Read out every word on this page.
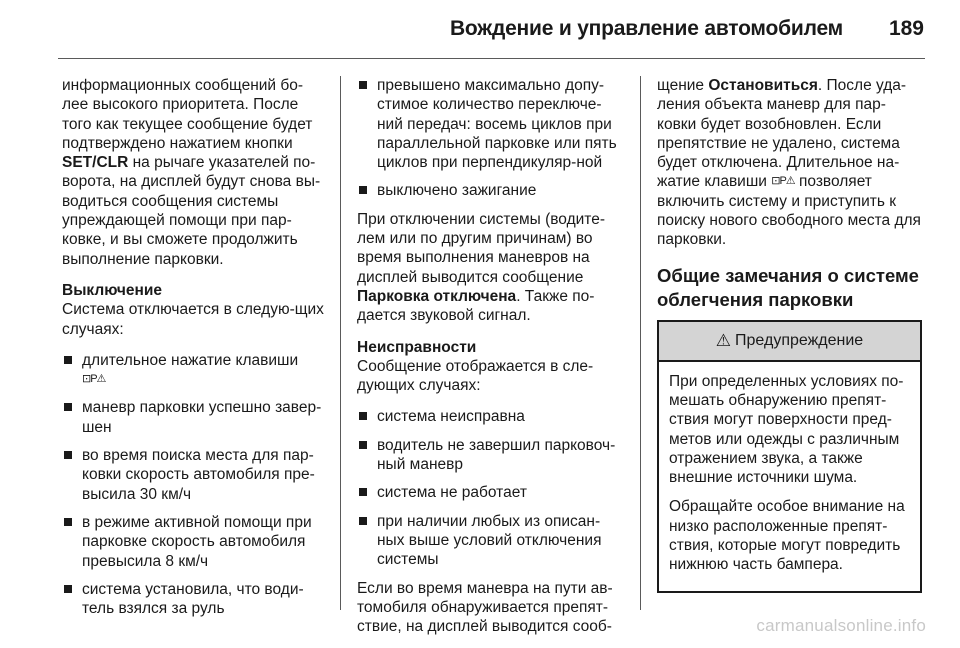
Вождение и управление автомобилем 189

информационных сообщений бо-лее высокого приоритета. После того как текущее сообщение будет подтверждено нажатием кнопки SET/CLR на рычаге указателей по-ворота, на дисплей будут снова вы-водиться сообщения системы упреждающей помощи при пар-ковке, и вы сможете продолжить выполнение парковки.

Выключение

Система отключается в следую-щих случаях:

длительное нажатие клавиши
⊡P⚠
маневр парковки успешно завер-шен
во время поиска места для пар-ковки скорость автомобиля пре-высила 30 км/ч
в режиме активной помощи при парковке скорость автомобиля превысила 8 км/ч
система установила, что води-тель взялся за руль
превышено максимально допу-стимое количество переключе-ний передач: восемь циклов при параллельной парковке или пять циклов при перпендикуляр-ной
выключено зажигание

При отключении системы (водите-лем или по другим причинам) во время выполнения маневров на дисплей выводится сообщение Парковка отключена. Также по-дается звуковой сигнал.

Неисправности

Сообщение отображается в сле-дующих случаях:

система неисправна
водитель не завершил парковоч-ный маневр
система не работает
при наличии любых из описан-ных выше условий отключения системы

Если во время маневра на пути ав-томобиля обнаруживается препят-ствие, на дисплей выводится сооб-

щение Остановиться. После уда-ления объекта маневр для пар-ковки будет возобновлен. Если препятствие не удалено, система будет отключена. Длительное на-жатие клавиши ⊡P⚠ позволяет включить систему и приступить к поиску нового свободного места для парковки.

Общие замечания о системе облегчения парковки
⚠ Предупреждение

При определенных условиях по-мешать обнаружению препят-ствия могут поверхности пред-метов или одежды с различным отражением звука, а также внешние источники шума.

Обращайте особое внимание на низко расположенные препят-ствия, которые могут повредить нижнюю часть бампера.

carmanualsonline.info
